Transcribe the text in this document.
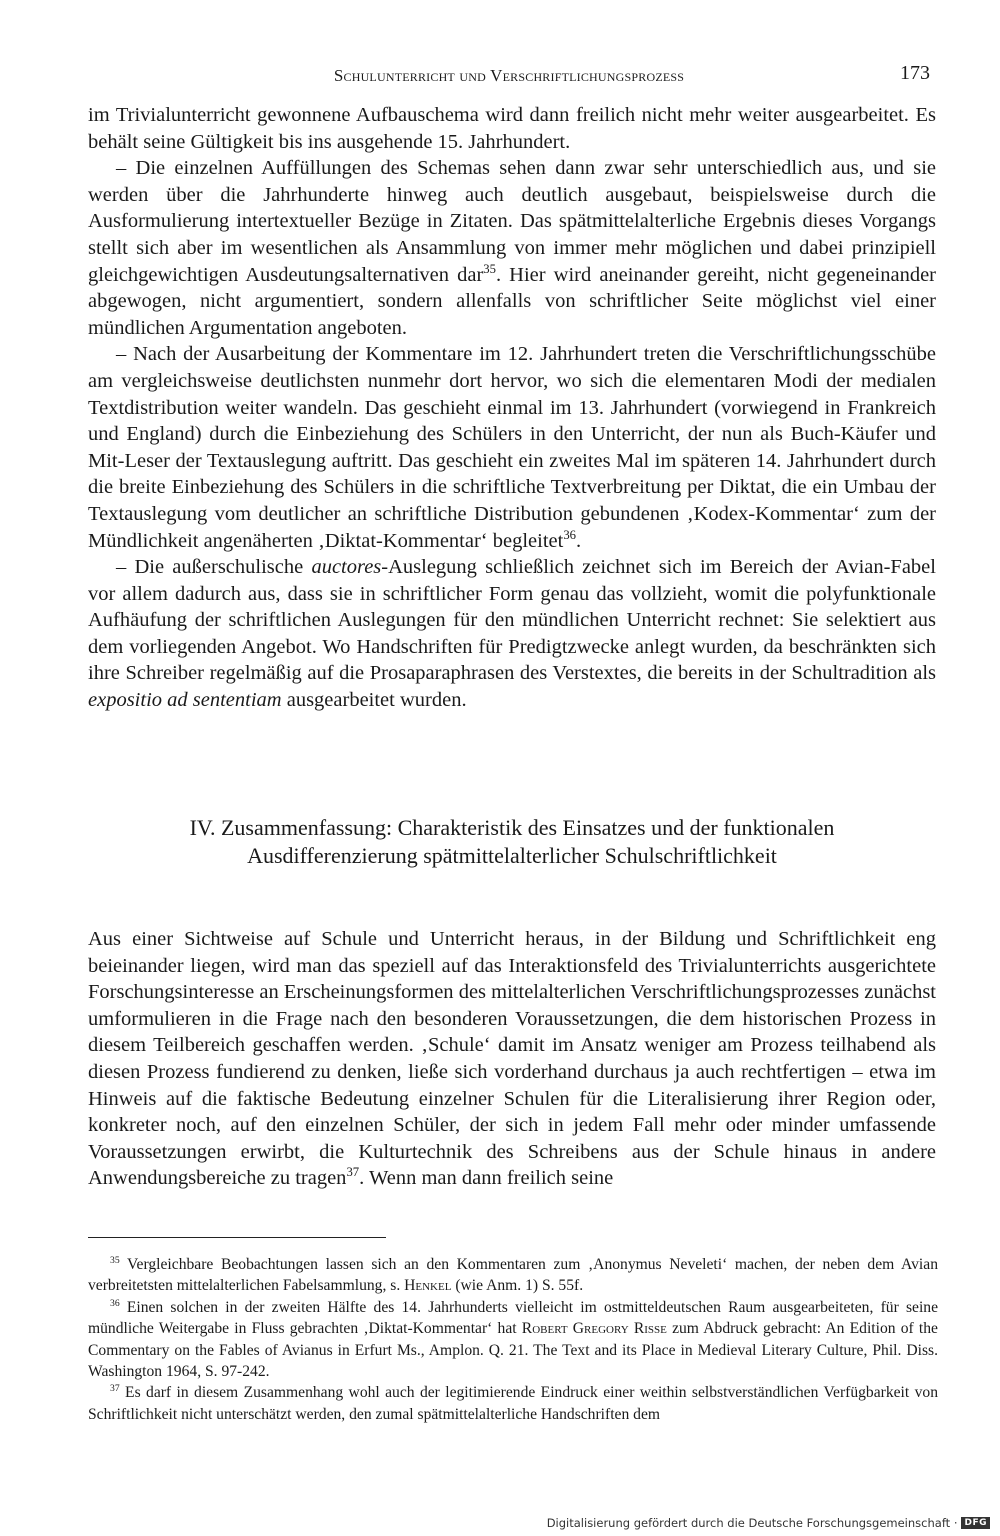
Schulunterricht und Verschriftlichungsprozess	173

im Trivialunterricht gewonnene Aufbauschema wird dann freilich nicht mehr weiter ausgearbeitet. Es behält seine Gültigkeit bis ins ausgehende 15. Jahrhundert.

– Die einzelnen Auffüllungen des Schemas sehen dann zwar sehr unterschiedlich aus, und sie werden über die Jahrhunderte hinweg auch deutlich ausgebaut, beispielsweise durch die Ausformulierung intertextueller Bezüge in Zitaten. Das spätmittelalterliche Ergebnis dieses Vorgangs stellt sich aber im wesentlichen als Ansammlung von immer mehr möglichen und dabei prinzipiell gleichgewichtigen Ausdeutungsalternativen dar$^{35}$. Hier wird aneinander gereiht, nicht gegeneinander abgewogen, nicht argumentiert, sondern allenfalls von schriftlicher Seite möglichst viel einer mündlichen Argumentation angeboten.

– Nach der Ausarbeitung der Kommentare im 12. Jahrhundert treten die Verschriftlichungsschübe am vergleichsweise deutlichsten nunmehr dort hervor, wo sich die elementaren Modi der medialen Textdistribution weiter wandeln. Das geschieht einmal im 13. Jahrhundert (vorwiegend in Frankreich und England) durch die Einbeziehung des Schülers in den Unterricht, der nun als Buch-Käufer und Mit-Leser der Textauslegung auftritt. Das geschieht ein zweites Mal im späteren 14. Jahrhundert durch die breite Einbeziehung des Schülers in die schriftliche Textverbreitung per Diktat, die ein Umbau der Textauslegung vom deutlicher an schriftliche Distribution gebundenen ‚Kodex-Kommentar‘ zum der Mündlichkeit angenäherten ‚Diktat-Kommentar‘ begleitet$^{36}$.

– Die außerschulische auctores-Auslegung schließlich zeichnet sich im Bereich der Avian-Fabel vor allem dadurch aus, dass sie in schriftlicher Form genau das vollzieht, womit die polyfunktionale Aufhäufung der schriftlichen Auslegungen für den mündlichen Unterricht rechnet: Sie selektiert aus dem vorliegenden Angebot. Wo Handschriften für Predigtzwecke anlegt wurden, da beschränkten sich ihre Schreiber regelmäßig auf die Prosaparaphrasen des Verstextes, die bereits in der Schultradition als expositio ad sententiam ausgearbeitet wurden.

IV. Zusammenfassung: Charakteristik des Einsatzes und der funktionalen
Ausdifferenzierung spätmittelalterlicher Schulschriftlichkeit

Aus einer Sichtweise auf Schule und Unterricht heraus, in der Bildung und Schriftlichkeit eng beieinander liegen, wird man das speziell auf das Interaktionsfeld des Trivialunterrichts ausgerichtete Forschungsinteresse an Erscheinungsformen des mittelalterlichen Verschriftlichungsprozesses zunächst umformulieren in die Frage nach den besonderen Voraussetzungen, die dem historischen Prozess in diesem Teilbereich geschaffen werden. ‚Schule‘ damit im Ansatz weniger am Prozess teilhabend als diesen Prozess fundierend zu denken, ließe sich vorderhand durchaus ja auch rechtfertigen – etwa im Hinweis auf die faktische Bedeutung einzelner Schulen für die Literalisierung ihrer Region oder, konkreter noch, auf den einzelnen Schüler, der sich in jedem Fall mehr oder minder umfassende Voraussetzungen erwirbt, die Kulturtechnik des Schreibens aus der Schule hinaus in andere Anwendungsbereiche zu tragen$^{37}$. Wenn man dann freilich seine

$^{35}$ Vergleichbare Beobachtungen lassen sich an den Kommentaren zum ‚Anonymus Neveleti‘ machen, der neben dem Avian verbreitetsten mittelalterlichen Fabelsammlung, s. Henkel (wie Anm. 1) S. 55f.

$^{36}$ Einen solchen in der zweiten Hälfte des 14. Jahrhunderts vielleicht im ostmitteldeutschen Raum ausgearbeiteten, für seine mündliche Weitergabe in Fluss gebrachten ‚Diktat-Kommentar‘ hat Robert Gregory Risse zum Abdruck gebracht: An Edition of the Commentary on the Fables of Avianus in Erfurt Ms., Amplon. Q. 21. The Text and its Place in Medieval Literary Culture, Phil. Diss. Washington 1964, S. 97-242.

$^{37}$ Es darf in diesem Zusammenhang wohl auch der legitimierende Eindruck einer weithin selbstverständlichen Verfügbarkeit von Schriftlichkeit nicht unterschätzt werden, den zumal spätmittelalterliche Handschriften dem

Digitalisierung gefördert durch die Deutsche Forschungsgemeinschaft · DFG
